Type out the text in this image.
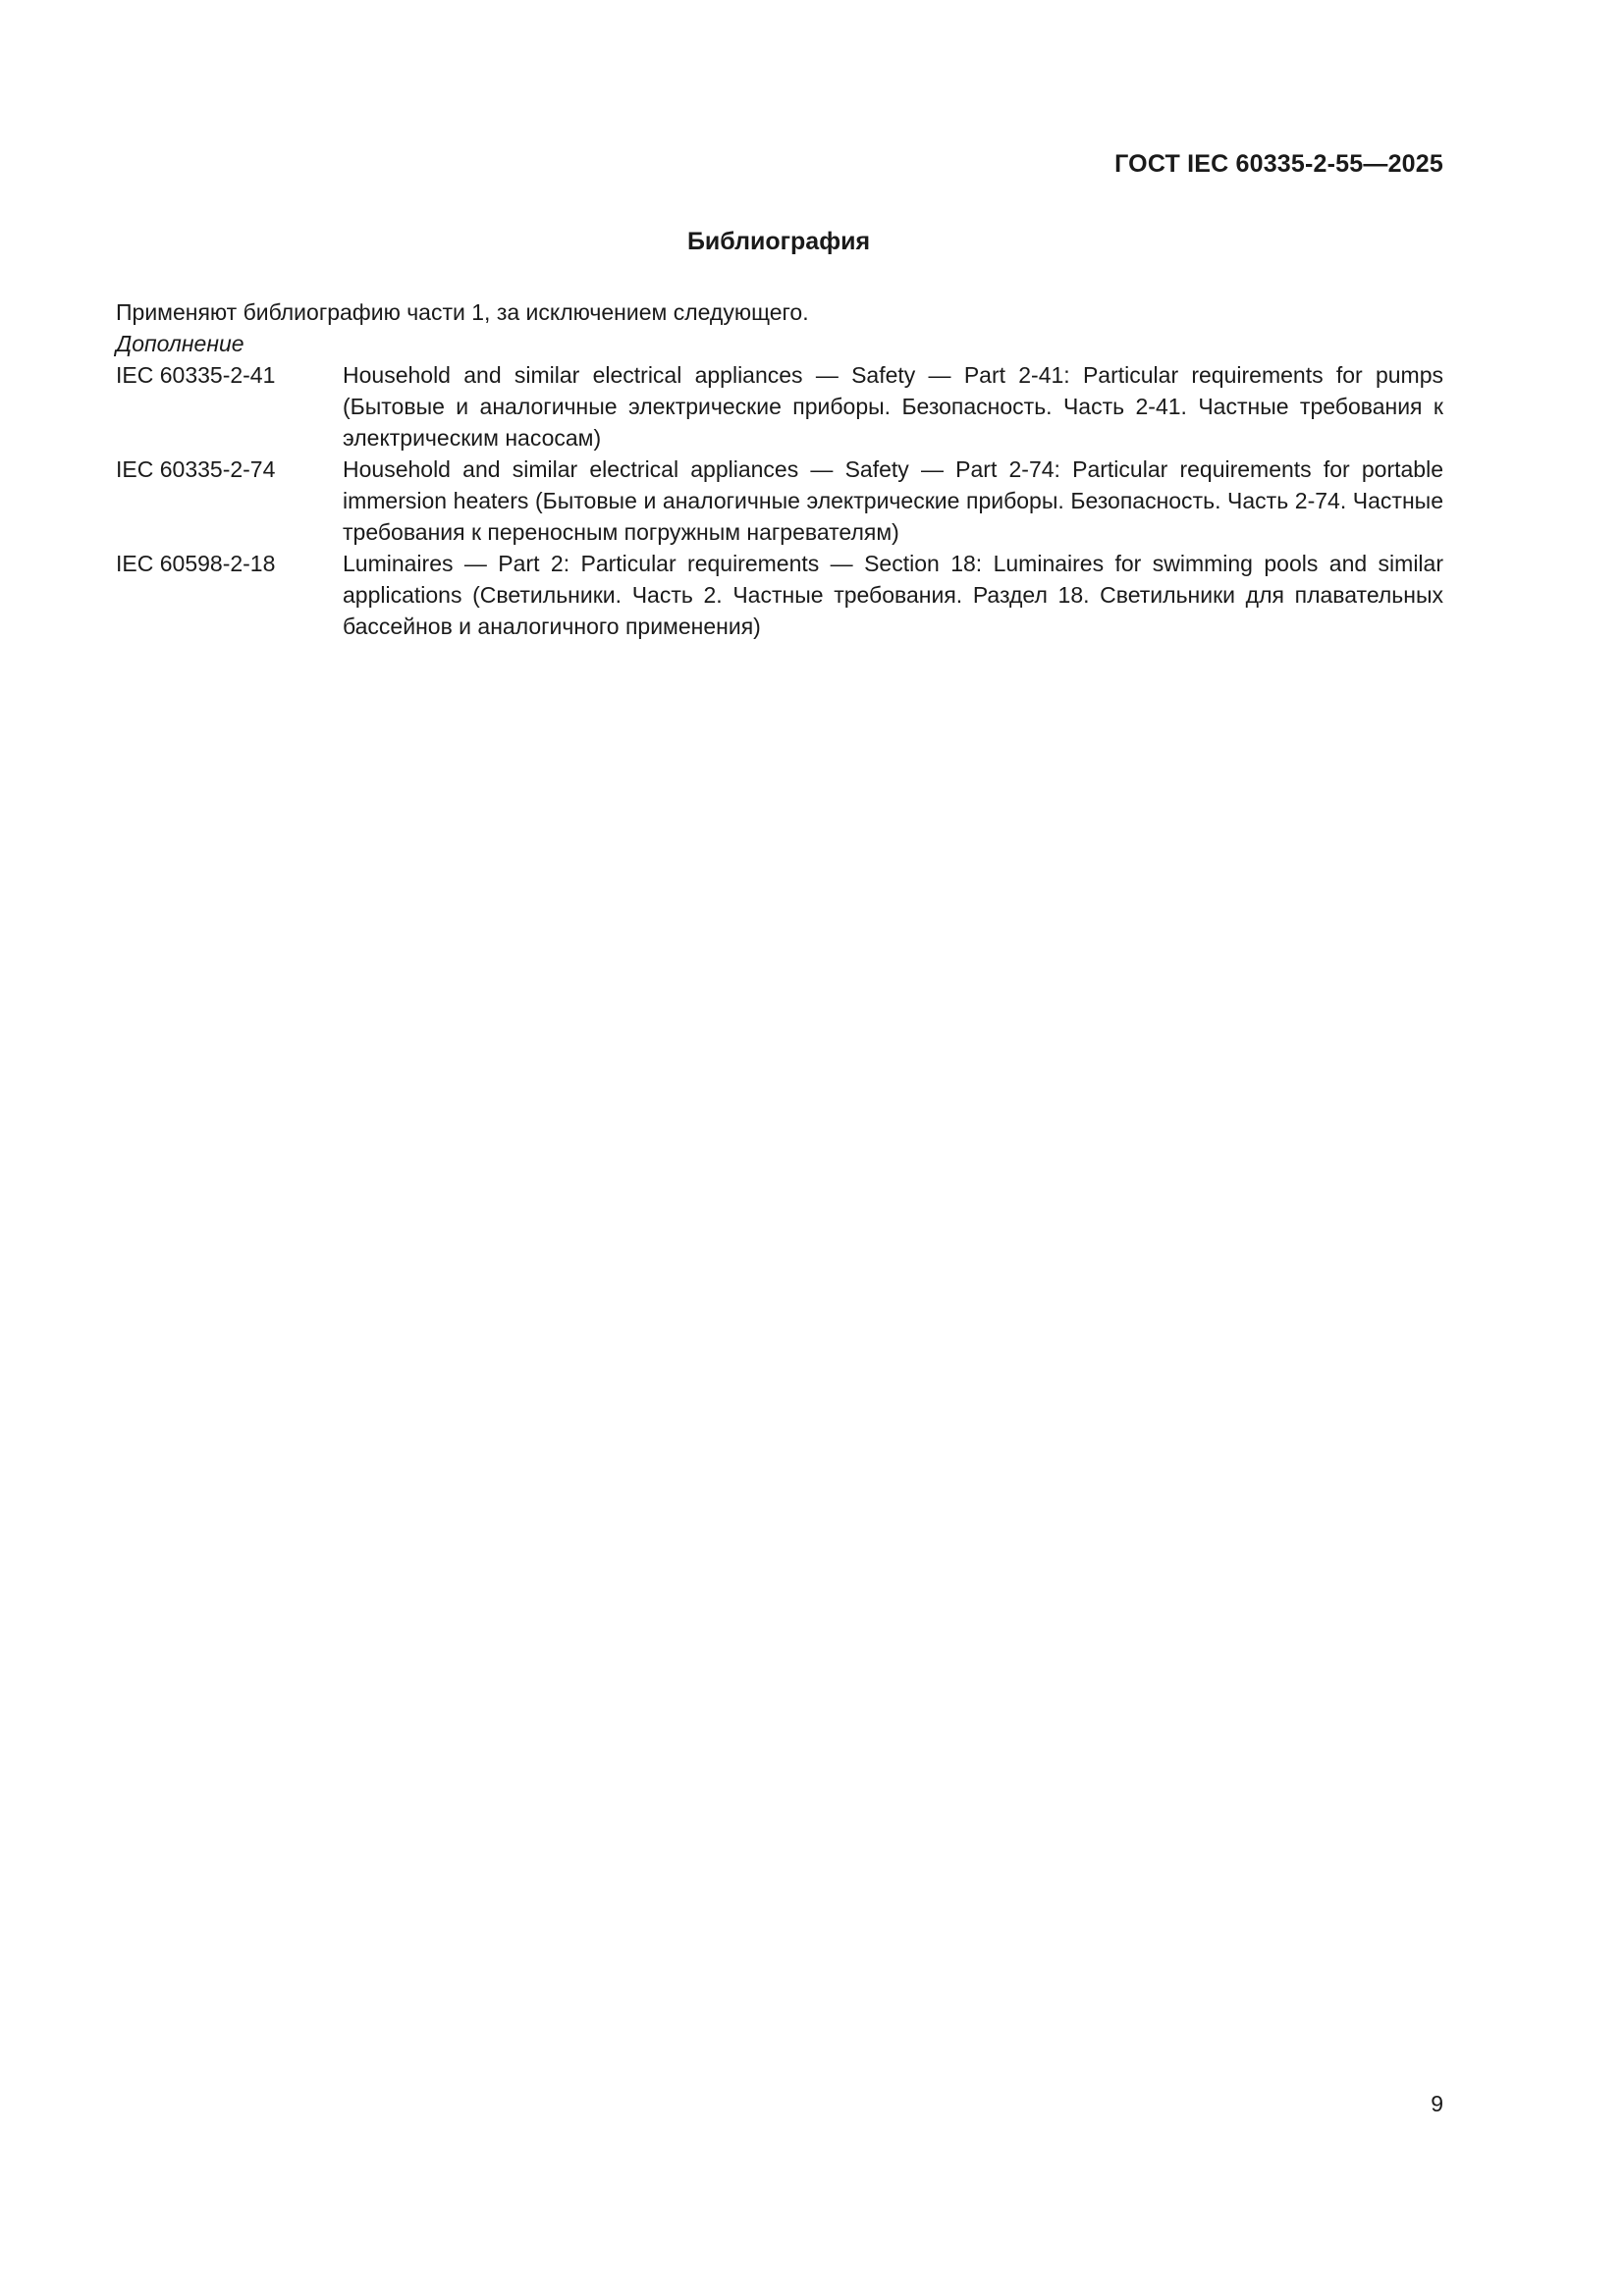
ГОСТ IEC 60335-2-55—2025
Библиография

Применяют библиографию части 1, за исключением следующего.

Дополнение

IEC 60335-2-41	Household and similar electrical appliances — Safety — Part 2-41: Particular requirements for pumps (Бытовые и аналогичные электрические приборы. Безопасность. Часть 2-41. Частные требования к электрическим насосам)
IEC 60335-2-74	Household and similar electrical appliances — Safety — Part 2-74: Particular requirements for portable immersion heaters (Бытовые и аналогичные электрические приборы. Безопасность. Часть 2-74. Частные требования к переносным погружным нагревателям)
IEC 60598-2-18	Luminaires — Part 2: Particular requirements — Section 18: Luminaires for swimming pools and similar applications (Светильники. Часть 2. Частные требования. Раздел 18. Светильники для плавательных бассейнов и аналогичного применения)
9
